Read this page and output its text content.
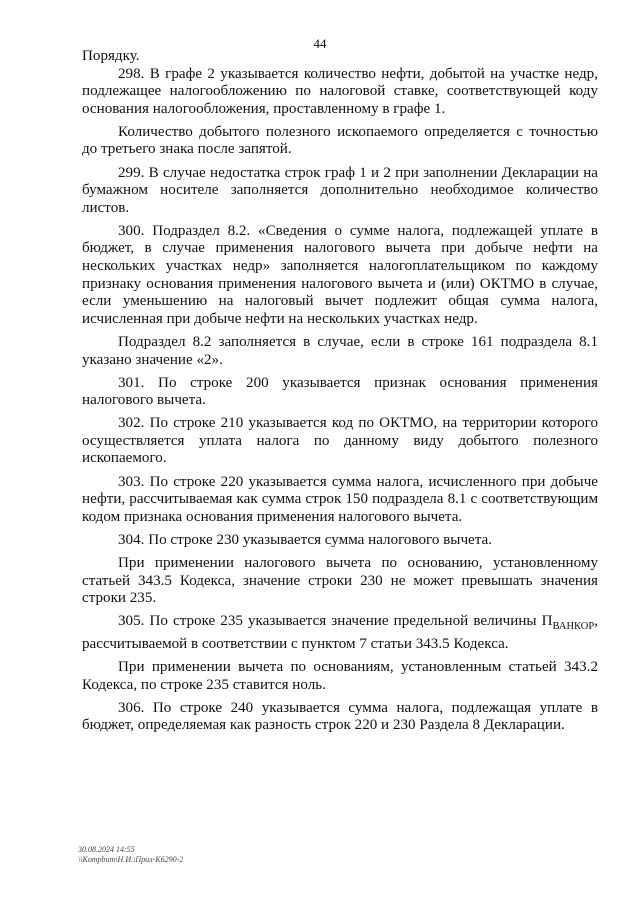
44

Порядку.

298. В графе 2 указывается количество нефти, добытой на участке недр, подлежащее налогообложению по налоговой ставке, соответствующей коду основания налогообложения, проставленному в графе 1.

Количество добытого полезного ископаемого определяется с точностью до третьего знака после запятой.

299. В случае недостатка строк граф 1 и 2 при заполнении Декларации на бумажном носителе заполняется дополнительно необходимое количество листов.

300. Подраздел 8.2. «Сведения о сумме налога, подлежащей уплате в бюджет, в случае применения налогового вычета при добыче нефти на нескольких участках недр» заполняется налогоплательщиком по каждому признаку основания применения налогового вычета и (или) ОКТМО в случае, если уменьшению на налоговый вычет подлежит общая сумма налога, исчисленная при добыче нефти на нескольких участках недр.

Подраздел 8.2 заполняется в случае, если в строке 161 подраздела 8.1 указано значение «2».

301. По строке 200 указывается признак основания применения налогового вычета.

302. По строке 210 указывается код по ОКТМО, на территории которого осуществляется уплата налога по данному виду добытого полезного ископаемого.

303. По строке 220 указывается сумма налога, исчисленного при добыче нефти, рассчитываемая как сумма строк 150 подраздела 8.1 с соответствующим кодом признака основания применения налогового вычета.

304. По строке 230 указывается сумма налогового вычета.

При применении налогового вычета по основанию, установленному статьей 343.5 Кодекса, значение строки 230 не может превышать значения строки 235.

305. По строке 235 указывается значение предельной величины $П_{ВАНКОР}$, рассчитываемой в соответствии с пунктом 7 статьи 343.5 Кодекса.

При применении вычета по основаниям, установленным статьей 343.2 Кодекса, по строке 235 ставится ноль.

306. По строке 240 указывается сумма налога, подлежащая уплате в бюджет, определяемая как разность строк 220 и 230 Раздела 8 Декларации.

30.08.2024 14:55
\\Kompbum\Н.И.\Прил-К6290-2
